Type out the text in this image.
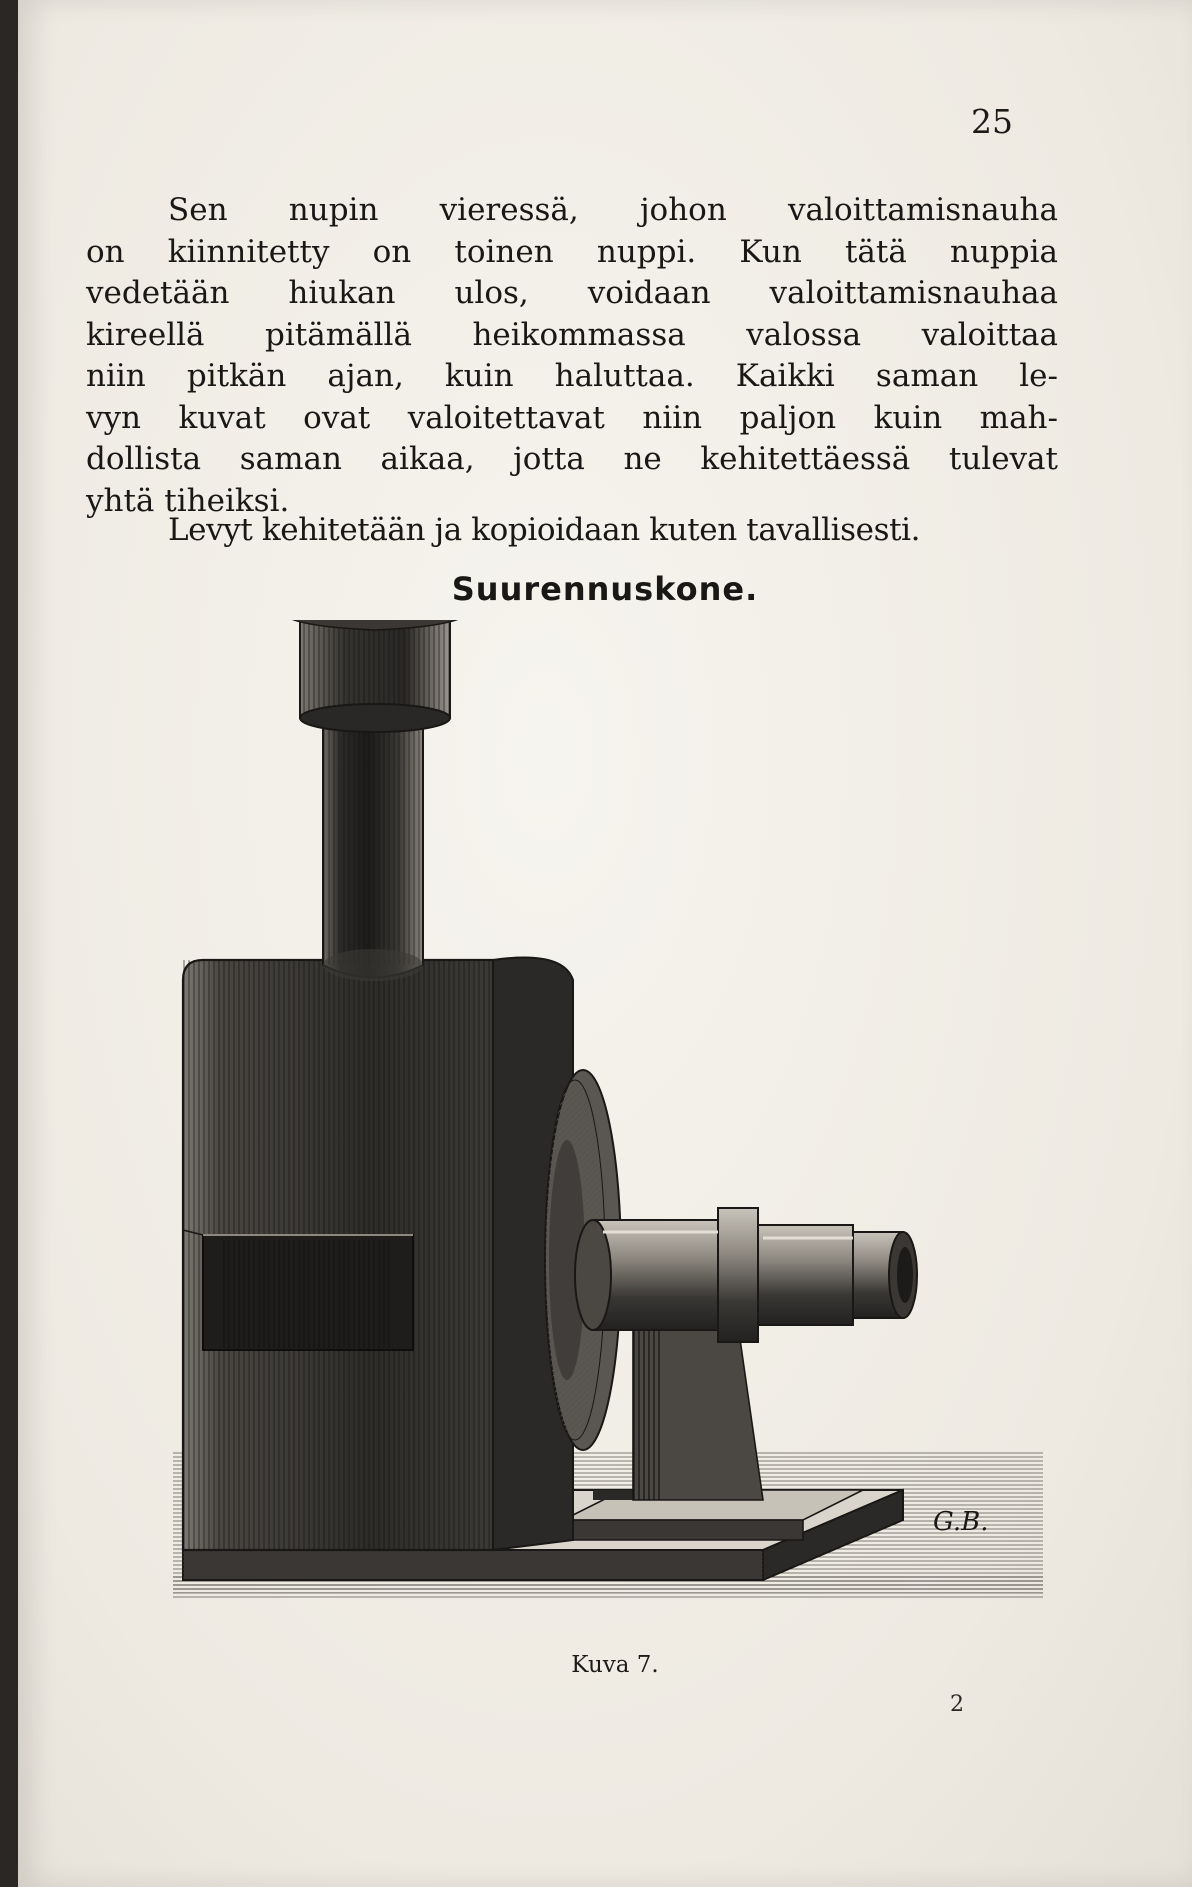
25
Sen nupin vieressä, johon valoittamisnauha
on kiinnitetty on toinen nuppi. Kun tätä nuppia
vedetään hiukan ulos, voidaan valoittamisnauhaa
kireellä pitämällä heikommassa valossa valoittaa
niin pitkän ajan, kuin haluttaa. Kaikki saman le-
vyn kuvat ovat valoitettavat niin paljon kuin mah-
dollista saman aikaa, jotta ne kehitettäessä tulevat
yhtä tiheiksi.
Levyt kehitetään ja kopioidaan kuten tavallisesti.
Suurennuskone.
G.B.
Kuva 7.
2
